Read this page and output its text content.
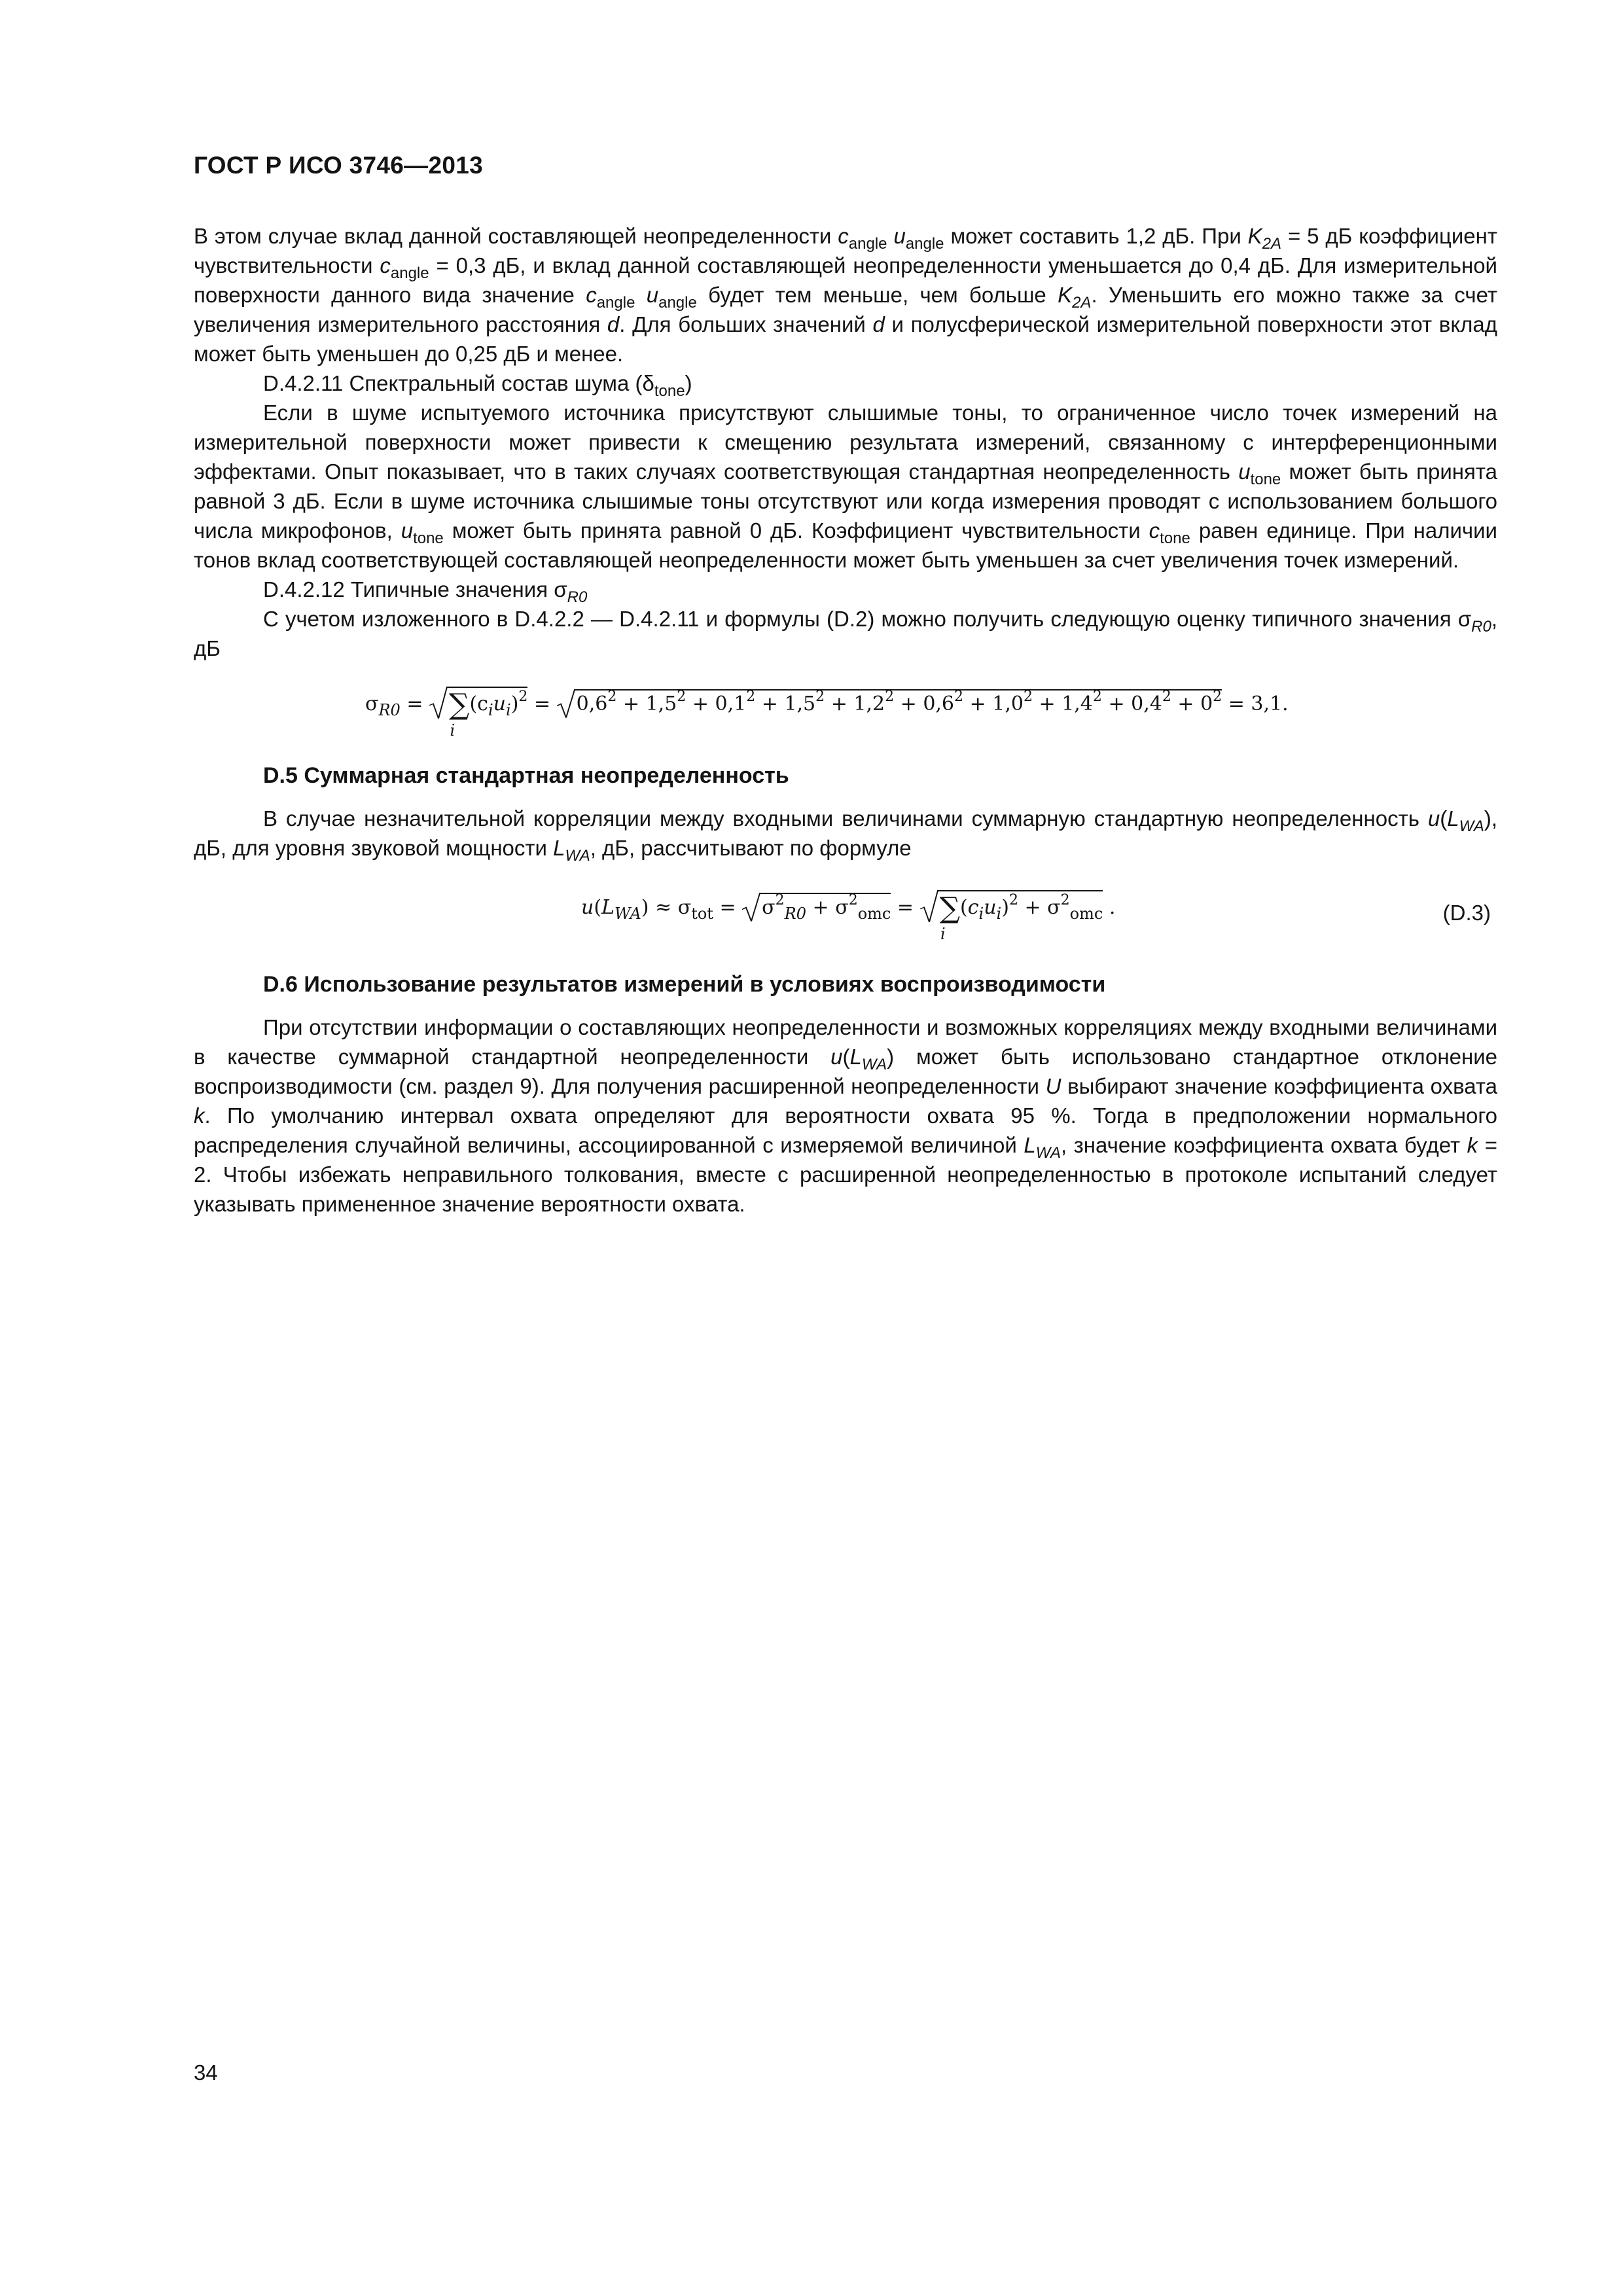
ГОСТ Р ИСО 3746—2013

В этом случае вклад данной составляющей неопределенности $c_{angle}$ $u_{angle}$ может составить 1,2 дБ. При $K_{2A} = 5$ дБ коэффициент чувствительности $c_{angle} = 0,3$ дБ, и вклад данной составляющей неопределенности уменьшается до 0,4 дБ. Для измерительной поверхности данного вида значение $c_{angle}$ $u_{angle}$ будет тем меньше, чем больше $K_{2A}$. Уменьшить его можно также за счет увеличения измерительного расстояния d. Для больших значений d и полусферической измерительной поверхности этот вклад может быть уменьшен до 0,25 дБ и менее.

D.4.2.11 Спектральный состав шума $(\delta_{tone})$

Если в шуме испытуемого источника присутствуют слышимые тоны, то ограниченное число точек измерений на измерительной поверхности может привести к смещению результата измерений, связанному с интерференционными эффектами. Опыт показывает, что в таких случаях соответствующая стандартная неопределенность $u_{tone}$ может быть принята равной 3 дБ. Если в шуме источника слышимые тоны отсутствуют или когда измерения проводят с использованием большого числа микрофонов, $u_{tone}$ может быть принята равной 0 дБ. Коэффициент чувствительности $c_{tone}$ равен единице. При наличии тонов вклад соответствующей составляющей неопределенности может быть уменьшен за счет увеличения точек измерений.

D.4.2.12 Типичные значения $\sigma_{R0}$

С учетом изложенного в D.4.2.2 — D.4.2.11 и формулы (D.2) можно получить следующую оценку типичного значения $\sigma_{R0}$, дБ

$\sigma_{R0}$ =
∑
i
$(c_iu_i)^2$ =
$0,6^2 + 1,5^2 + 0,1^2 + 1,5^2 + 1,2^2 + 0,6^2 + 1,0^2 + 1,4^2 + 0,4^2 + 0^2 = 3,1$.
D.5 Суммарная стандартная неопределенность

В случае незначительной корреляции между входными величинами суммарную стандартную неопределенность $u(L_{WA})$, дБ, для уровня звуковой мощности $L_{WA}$, дБ, рассчитывают по формуле

$u(L_{WA}) \approx \sigma_{tot}$ =
$\sigma^2_{R0} + \sigma^2_{omc}$ =
∑
i
$(c_iu_i)^2 + \sigma^2_{omc}$ .	(D.3)
D.6 Использование результатов измерений в условиях воспроизводимости

При отсутствии информации о составляющих неопределенности и возможных корреляциях между входными величинами в качестве суммарной стандартной неопределенности $u(L_{WA})$ может быть использовано стандартное отклонение воспроизводимости (см. раздел 9). Для получения расширенной неопределенности U выбирают значение коэффициента охвата k. По умолчанию интервал охвата определяют для вероятности охвата 95 %. Тогда в предположении нормального распределения случайной величины, ассоциированной с измеряемой величиной $L_{WA}$, значение коэффициента охвата будет k = 2. Чтобы избежать неправильного толкования, вместе с расширенной неопределенностью в протоколе испытаний следует указывать примененное значение вероятности охвата.

34
